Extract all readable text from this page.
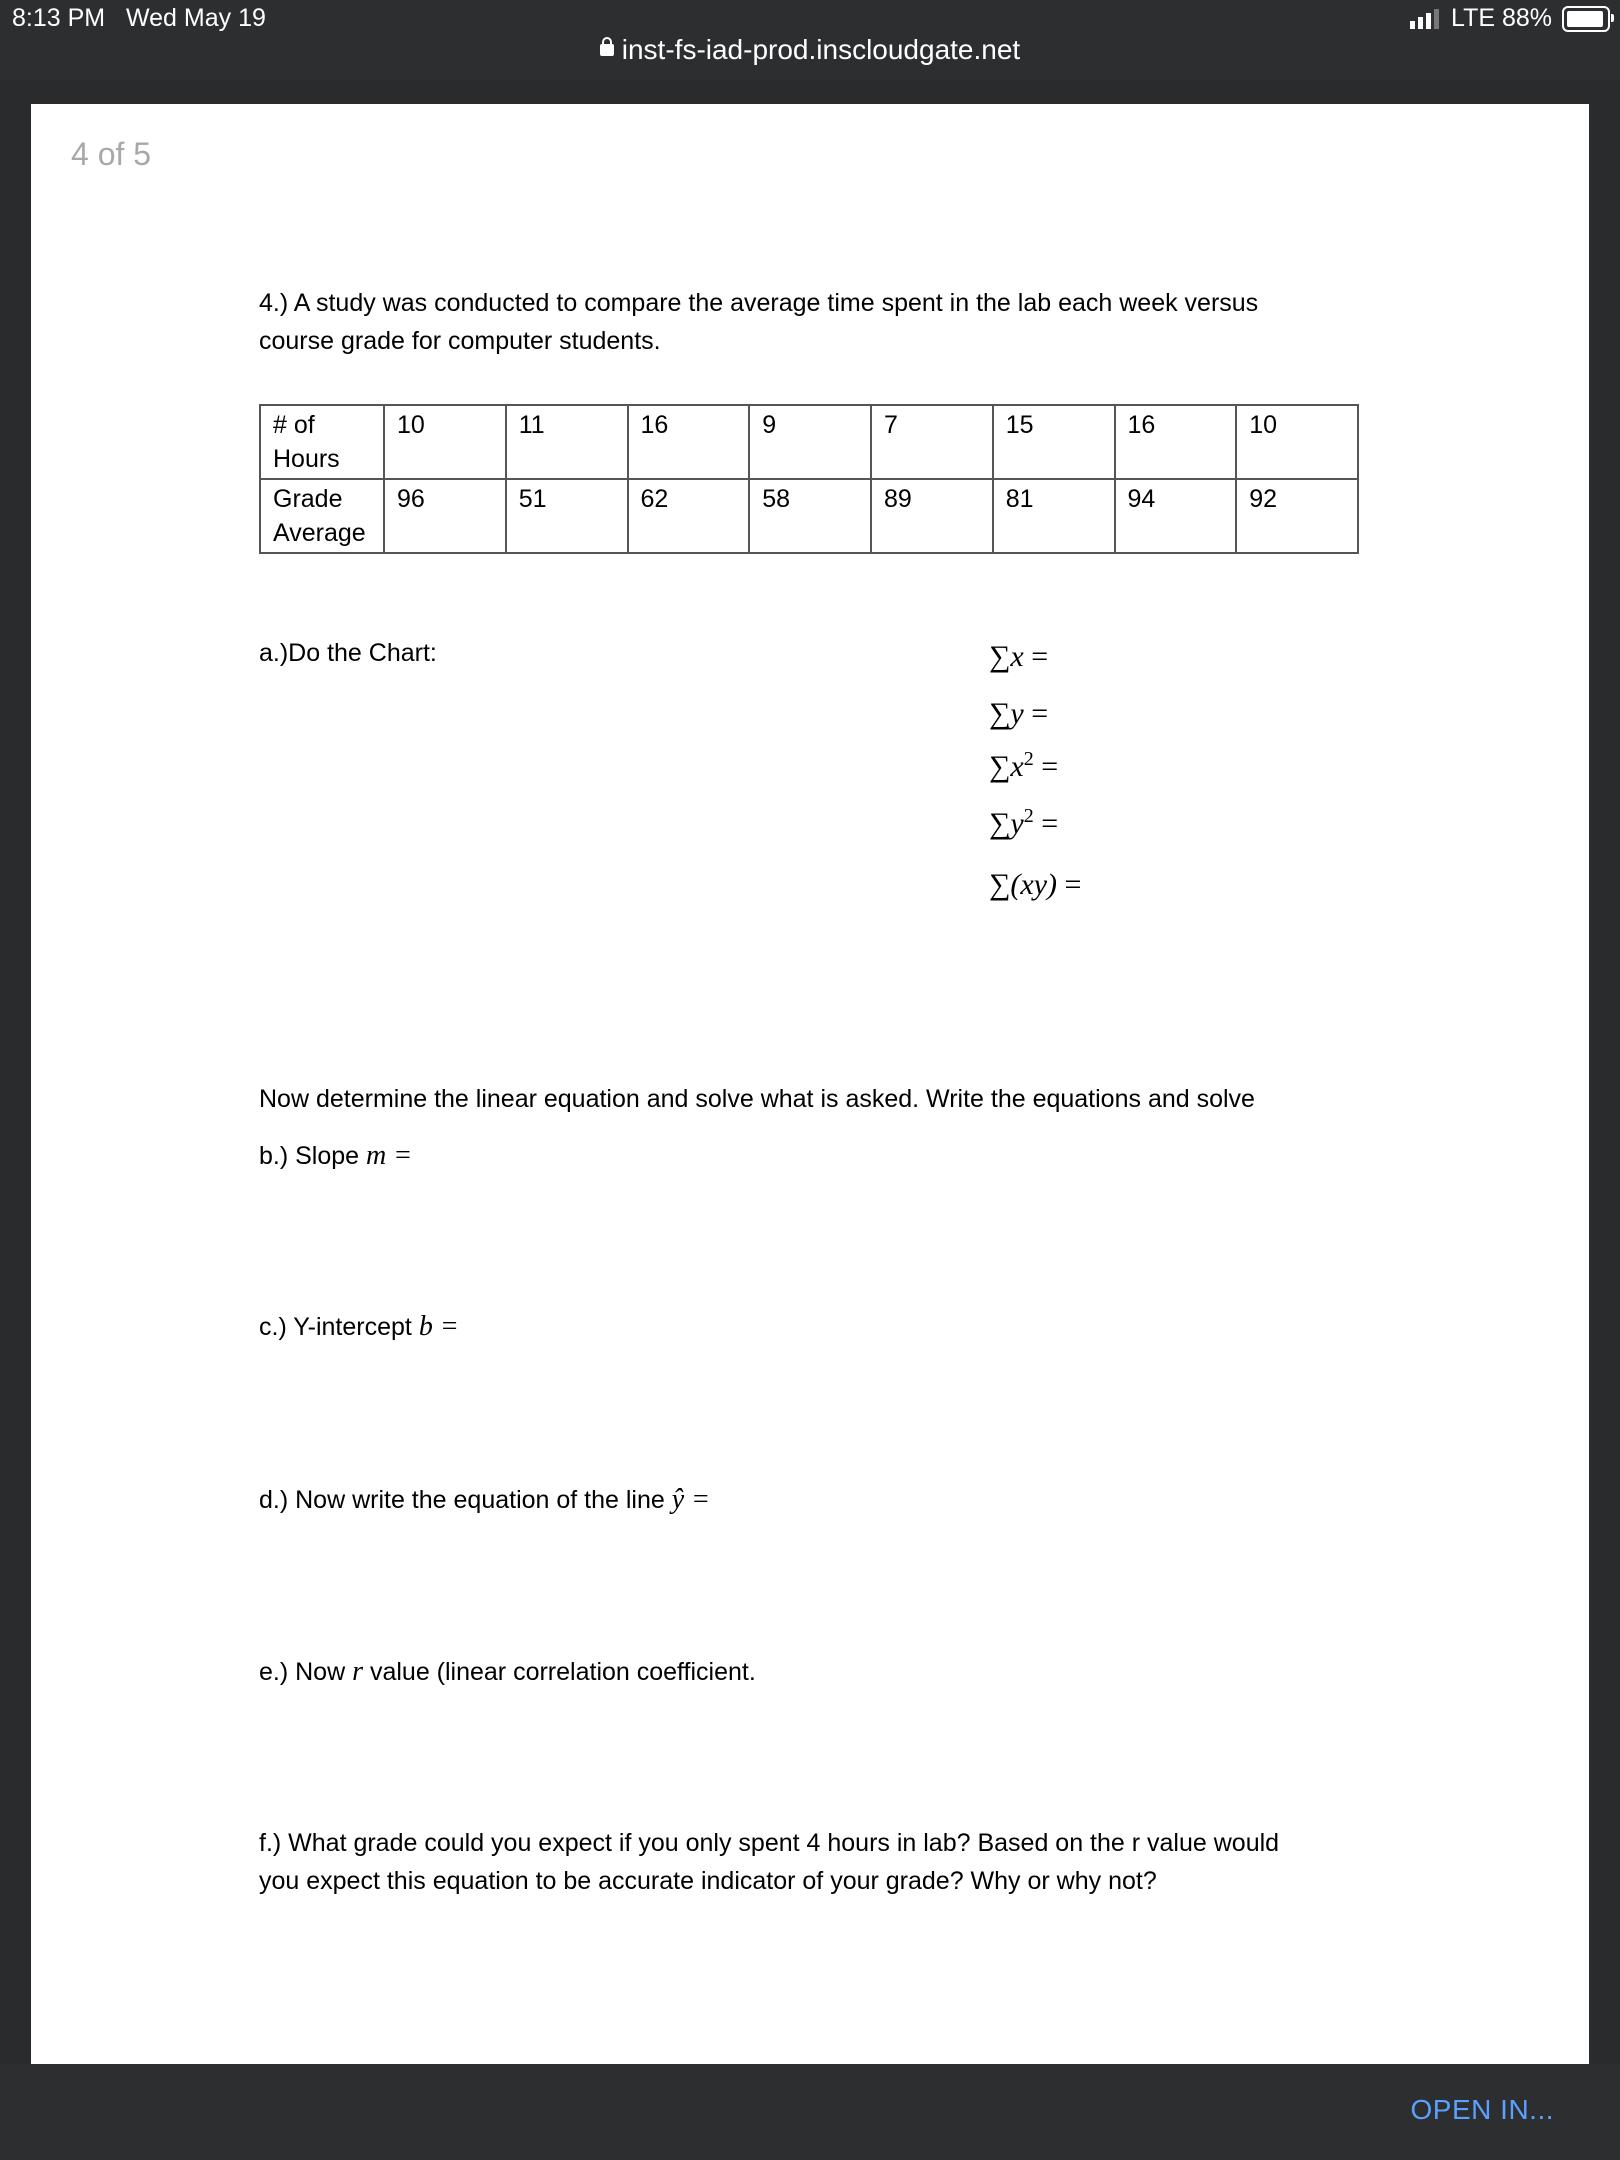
8:13 PM Wed May 19	LTE 88%
inst-fs-iad-prod.inscloudgate.net
4 of 5

4.) A study was conducted to compare the average time spent in the lab each week versus

course grade for computer students.

# of
Hours	10	11	16	9	7	15	16	10
Grade
Average	96	51	62	58	89	81	94	92

a.)Do the Chart:	∑x =
∑y =
$\sum x^2$ =
$\sum y^2$ =
∑(xy) =

Now determine the linear equation and solve what is asked. Write the equations and solve

b.) Slope m =

c.) Y-intercept b =

d.) Now write the equation of the line ŷ =

e.) Now r value (linear correlation coefficient.

f.) What grade could you expect if you only spent 4 hours in lab? Based on the r value would

you expect this equation to be accurate indicator of your grade? Why or why not?

OPEN IN...
